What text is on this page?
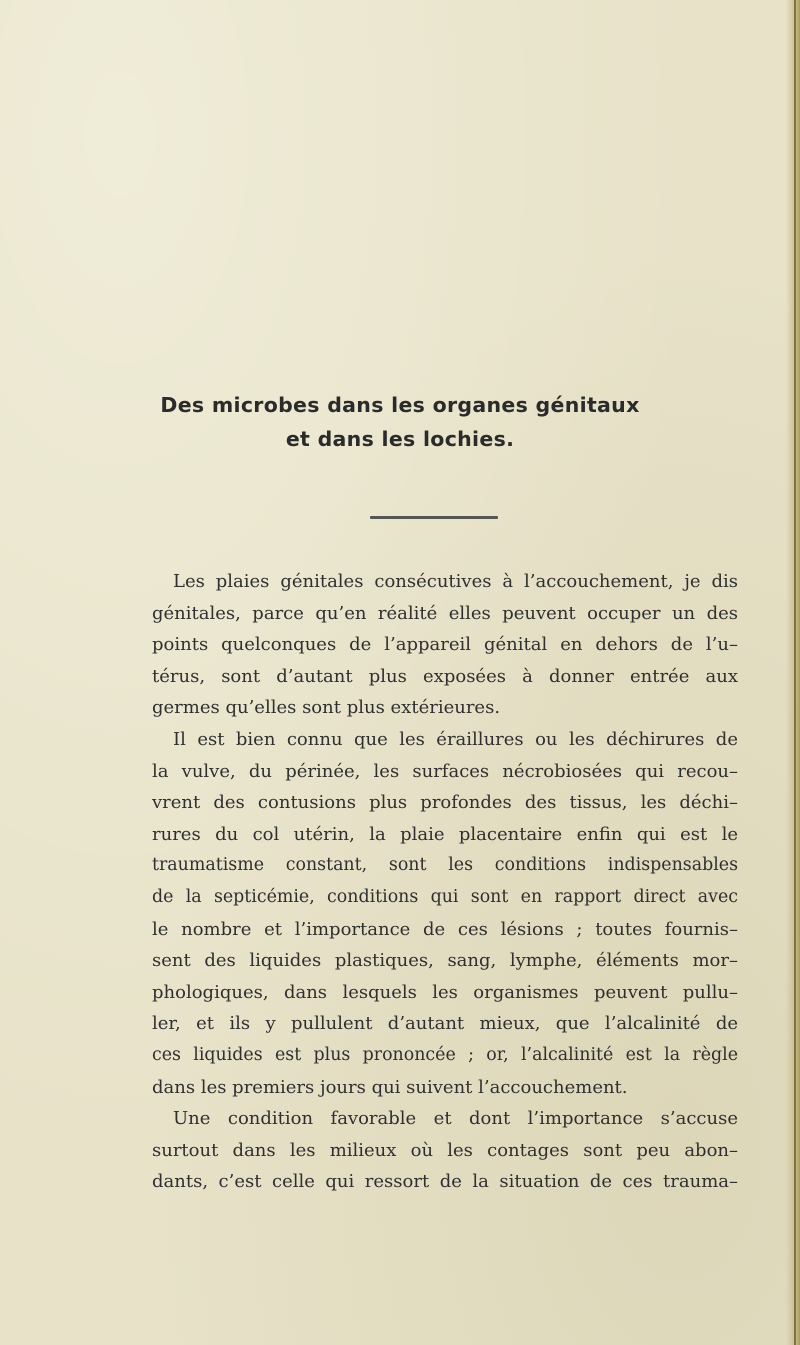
Des microbes dans les organes génitaux
et dans les lochies.
Les plaies génitales consécutives à l’accouchement, je dis
génitales, parce qu’en réalité elles peuvent occuper un des
points quelconques de l’appareil génital en dehors de l’u–
térus, sont d’autant plus exposées à donner entrée aux
germes qu’elles sont plus extérieures.
Il est bien connu que les éraillures ou les déchirures de
la vulve, du périnée, les surfaces nécrobiosées qui recou–
vrent des contusions plus profondes des tissus, les déchi–
rures du col utérin, la plaie placentaire enfin qui est le
traumatisme constant, sont les conditions indispensables
de la septicémie, conditions qui sont en rapport direct avec
le nombre et l’importance de ces lésions ; toutes fournis–
sent des liquides plastiques, sang, lymphe, éléments mor–
phologiques, dans lesquels les organismes peuvent pullu–
ler, et ils y pullulent d’autant mieux, que l’alcalinité de
ces liquides est plus prononcée ; or, l’alcalinité est la règle
dans les premiers jours qui suivent l’accouchement.
Une condition favorable et dont l’importance s’accuse
surtout dans les milieux où les contages sont peu abon–
dants, c’est celle qui ressort de la situation de ces trauma–
